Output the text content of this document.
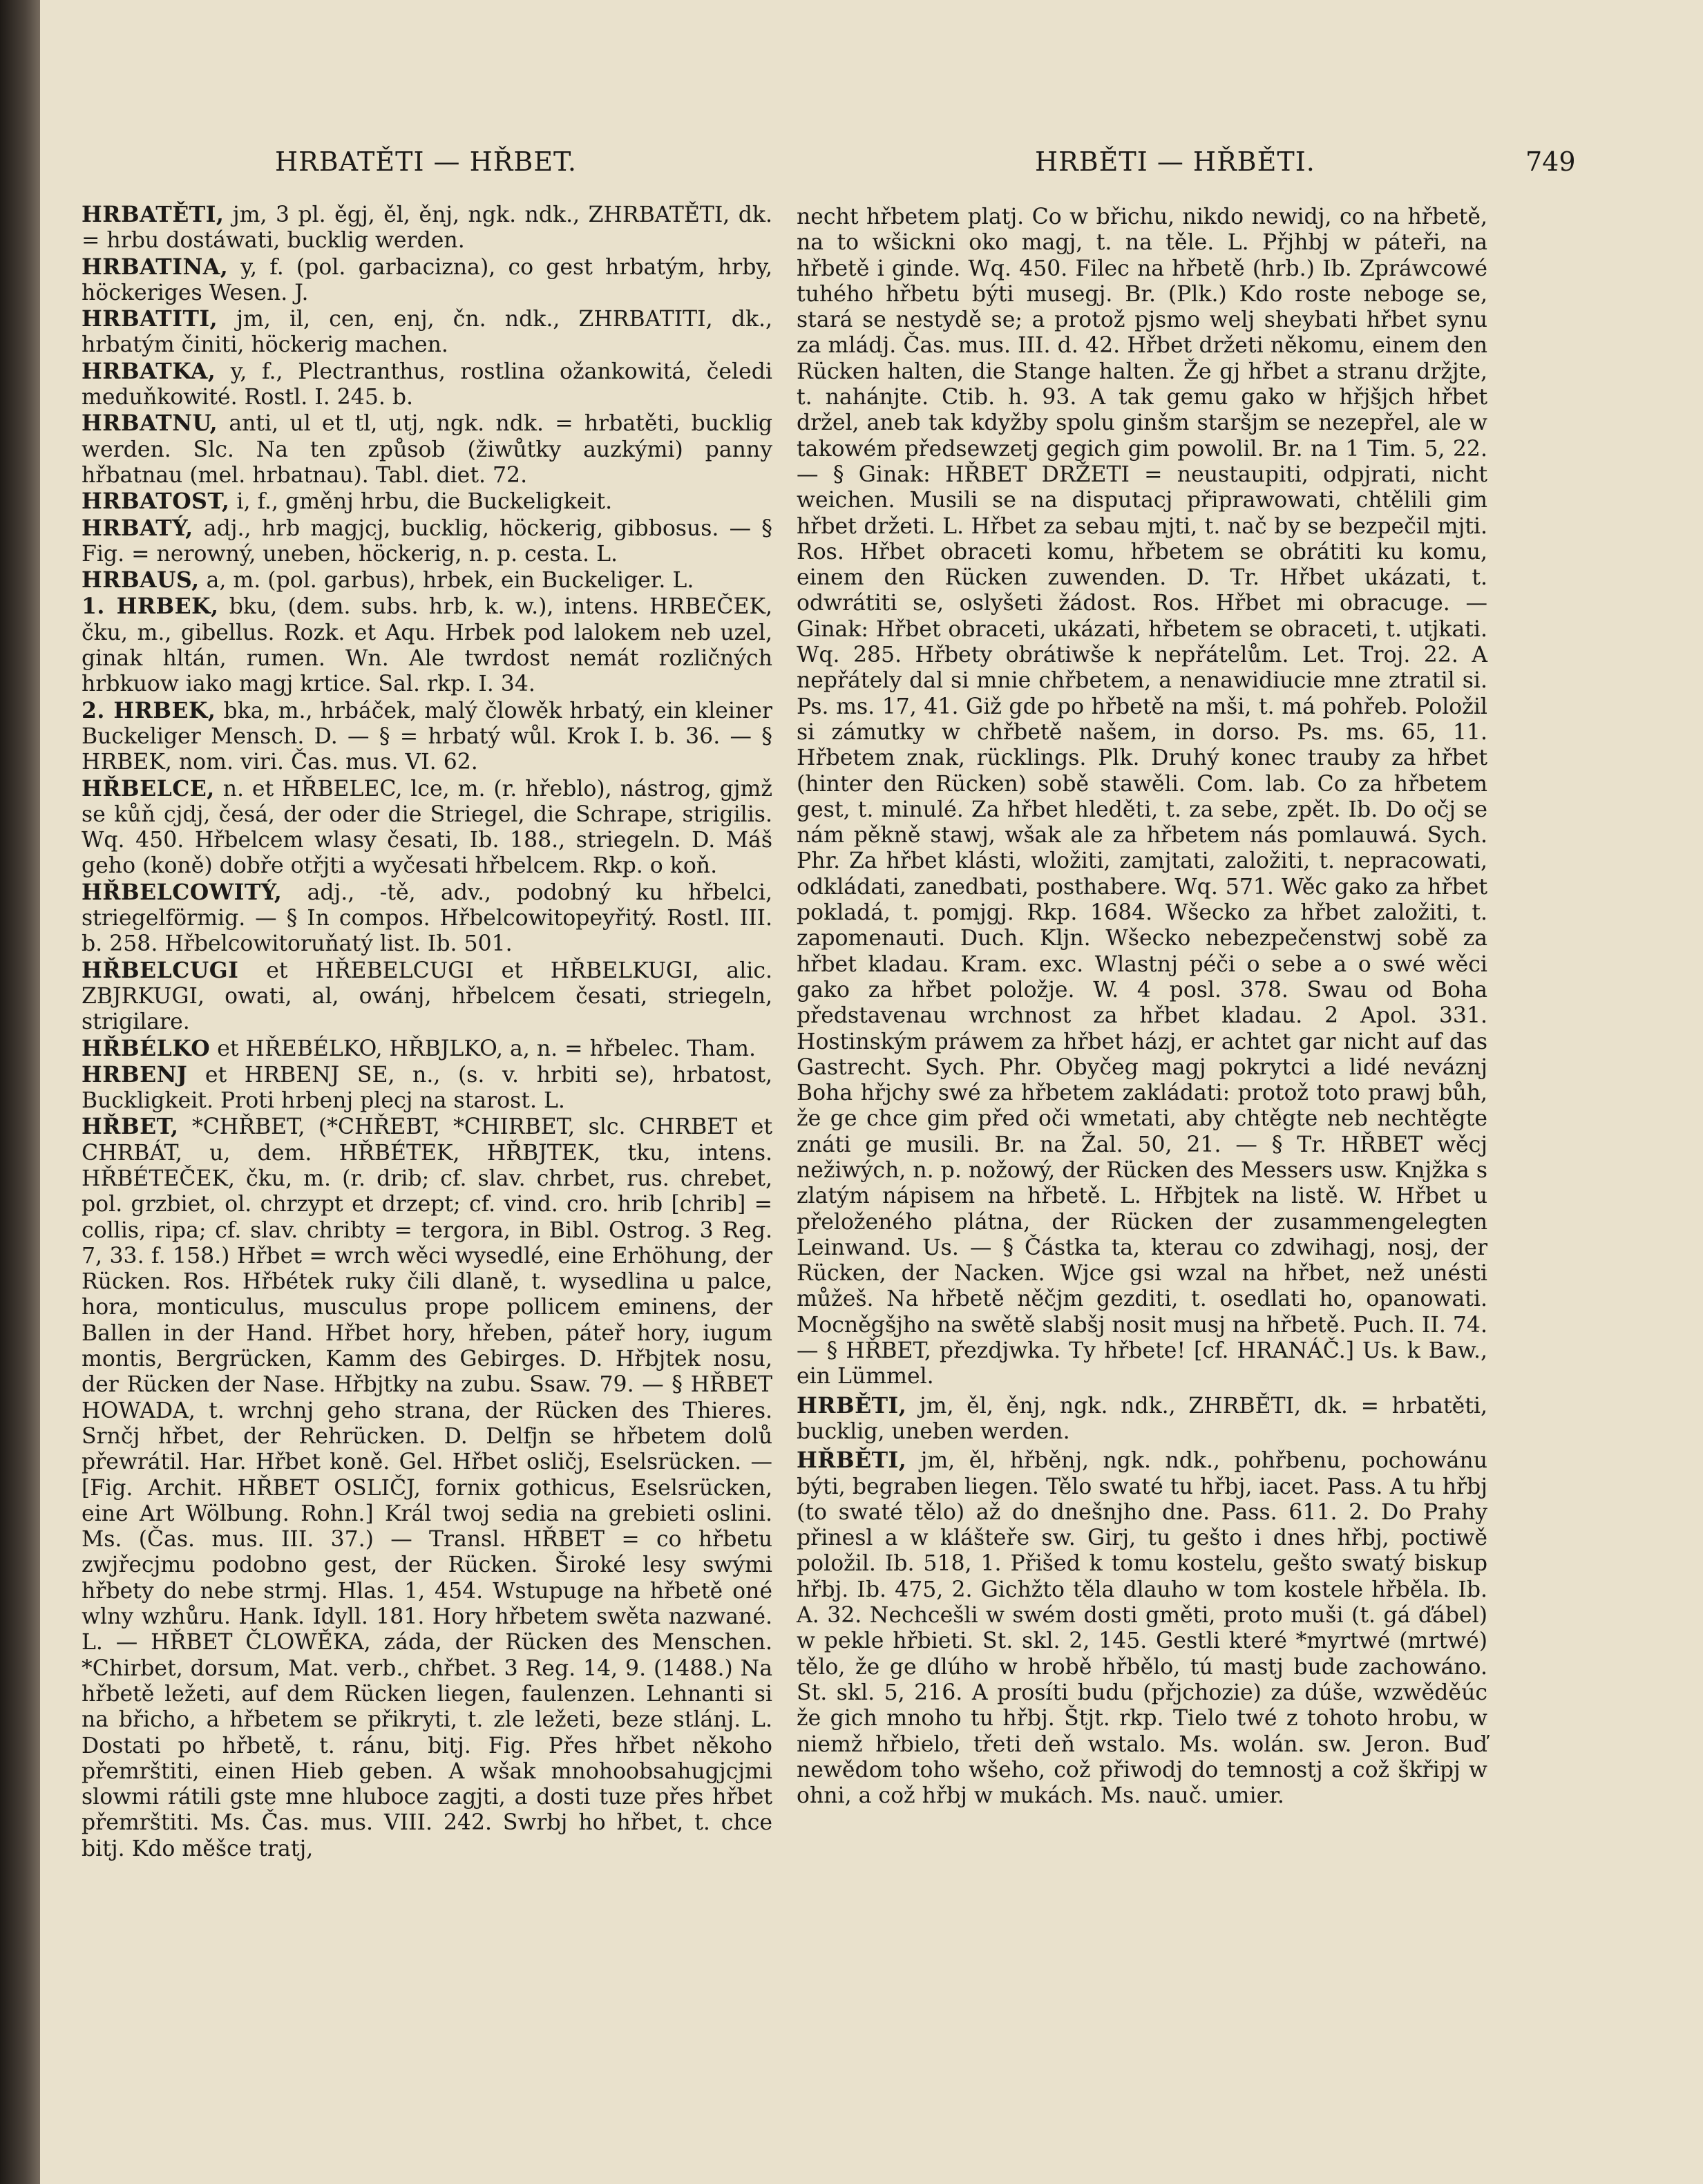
HRBATĚTI — HŘBET.	HRBĚTI — HŘBĚTI.	749

HRBATĚTI, jm, 3 pl. ěgj, ěl, ěnj, ngk. ndk., ZHRBATĚTI, dk. = hrbu dostáwati, bucklig werden.

HRBATINA, y, f. (pol. garbacizna), co gest hrbatým, hrby, höckeriges Wesen. J.

HRBATITI, jm, il, cen, enj, čn. ndk., ZHRBATITI, dk., hrbatým činiti, höckerig machen.

HRBATKA, y, f., Plectranthus, rostlina ožankowitá, čeledi meduňkowité. Rostl. I. 245. b.

HRBATNU, anti, ul et tl, utj, ngk. ndk. = hrbatěti, bucklig werden. Slc. Na ten způsob (žiwůtky auzkými) panny hřbatnau (mel. hrbatnau). Tabl. diet. 72.

HRBATOST, i, f., gměnj hrbu, die Buckeligkeit.

HRBATÝ, adj., hrb magjcj, bucklig, höckerig, gibbosus. — § Fig. = nerowný, uneben, höckerig, n. p. cesta. L.

HRBAUS, a, m. (pol. garbus), hrbek, ein Buckeliger. L.

1. HRBEK, bku, (dem. subs. hrb, k. w.), intens. HRBEČEK, čku, m., gibellus. Rozk. et Aqu. Hrbek pod lalokem neb uzel, ginak hltán, rumen. Wn. Ale twrdost nemát rozličných hrbkuow iako magj krtice. Sal. rkp. I. 34.

2. HRBEK, bka, m., hrbáček, malý člowěk hrbatý, ein kleiner Buckeliger Mensch. D. — § = hrbatý wůl. Krok I. b. 36. — § HRBEK, nom. viri. Čas. mus. VI. 62.

HŘBELCE, n. et HŘBELEC, lce, m. (r. hřeblo), nástrog, gjmž se kůň cjdj, česá, der oder die Striegel, die Schrape, strigilis. Wq. 450. Hřbelcem wlasy česati, Ib. 188., striegeln. D. Máš geho (koně) dobře otřjti a wyčesati hřbelcem. Rkp. o koň.

HŘBELCOWITÝ, adj., -tě, adv., podobný ku hřbelci, striegelförmig. — § In compos. Hřbelcowitopeyřitý. Rostl. III. b. 258. Hřbelcowitoruňatý list. Ib. 501.

HŘBELCUGI et HŘEBELCUGI et HŘBELKUGI, alic. ZBJRKUGI, owati, al, owánj, hřbelcem česati, striegeln, strigilare.

HŘBÉLKO et HŘEBÉLKO, HŘBJLKO, a, n. = hřbelec. Tham.

HRBENJ et HRBENJ SE, n., (s. v. hrbiti se), hrbatost, Buckligkeit. Proti hrbenj plecj na starost. L.

HŘBET, *CHŘBET, (*CHŘEBT, *CHIRBET, slc. CHRBET et CHRBÁT, u, dem. HŘBÉTEK, HŘBJTEK, tku, intens. HŘBÉTEČEK, čku, m. (r. drib; cf. slav. chrbet, rus. chrebet, pol. grzbiet, ol. chrzypt et drzept; cf. vind. cro. hrib [chrib] = collis, ripa; cf. slav. chribty = tergora, in Bibl. Ostrog. 3 Reg. 7, 33. f. 158.) Hřbet = wrch wěci wysedlé, eine Erhöhung, der Rücken. Ros. Hřbétek ruky čili dlaně, t. wysedlina u palce, hora, monticulus, musculus prope pollicem eminens, der Ballen in der Hand. Hřbet hory, hřeben, páteř hory, iugum montis, Bergrücken, Kamm des Gebirges. D. Hřbjtek nosu, der Rücken der Nase. Hřbjtky na zubu. Ssaw. 79. — § HŘBET HOWADA, t. wrchnj geho strana, der Rücken des Thieres. Srnčj hřbet, der Rehrücken. D. Delfjn se hřbetem dolů přewrátil. Har. Hřbet koně. Gel. Hřbet osličj, Eselsrücken. — [Fig. Archit. HŘBET OSLIČJ, fornix gothicus, Eselsrücken, eine Art Wölbung. Rohn.] Král twoj sedia na grebieti oslini. Ms. (Čas. mus. III. 37.) — Transl. HŘBET = co hřbetu zwjřecjmu podobno gest, der Rücken. Široké lesy swými hřbety do nebe strmj. Hlas. 1, 454. Wstupuge na hřbetě oné wlny wzhůru. Hank. Idyll. 181. Hory hřbetem swěta nazwané. L. — HŘBET ČLOWĚKA, záda, der Rücken des Menschen. *Chirbet, dorsum, Mat. verb., chřbet. 3 Reg. 14, 9. (1488.) Na hřbetě ležeti, auf dem Rücken liegen, faulenzen. Lehnanti si na břicho, a hřbetem se přikryti, t. zle ležeti, beze stlánj. L. Dostati po hřbetě, t. ránu, bitj. Fig. Přes hřbet někoho přemrštiti, einen Hieb geben. A wšak mnohoobsahugjcjmi slowmi rátili gste mne hlubоce zagjti, a dosti tuze přes hřbet přemrštiti. Ms. Čas. mus. VIII. 242. Swrbj ho hřbet, t. chce bitj. Kdo měšce tratj,

necht hřbetem platj. Co w břichu, nikdo newidj, co na hřbetě, na to wšickni oko magj, t. na těle. L. Přjhbj w páteři, na hřbetě i ginde. Wq. 450. Filec na hřbetě (hrb.) Ib. Zpráwcowé tuhého hřbetu býti musegj. Br. (Plk.) Kdo roste neboge se, stará se nestydě se; a protož pjsmo welj sheybati hřbet synu za mládj. Čas. mus. III. d. 42. Hřbet držeti někomu, einem den Rücken halten, die Stange halten. Že gj hřbet a stranu držjte, t. nahánjte. Ctib. h. 93. A tak gemu gako w hřjšjch hřbet držel, aneb tak kdyžby spolu ginšm staršjm se nezepřel, ale w takowém předsewzetj gegich gim powolil. Br. na 1 Tim. 5, 22. — § Ginak: HŘBET DRŽETI = neustaupiti, odpjrati, nicht weichen. Musili se na disputacj připrawowati, chtělili gim hřbet držeti. L. Hřbet za sebau mjti, t. nač by se bezpečil mjti. Ros. Hřbet obraceti komu, hřbetem se obrátiti ku komu, einem den Rücken zuwenden. D. Tr. Hřbet ukázati, t. odwrátiti se, oslyšeti žádost. Ros. Hřbet mi obracuge. — Ginak: Hřbet obraceti, ukázati, hřbetem se obraceti, t. utjkati. Wq. 285. Hřbety obrátiwše k nepřátelům. Let. Troj. 22. A nepřátely dal si mnie chřbetem, a nenawidiucie mne ztratil si. Ps. ms. 17, 41. Giž gde po hřbetě na mši, t. má pohřeb. Položil si zámutky w chřbetě našem, in dorso. Ps. ms. 65, 11. Hřbetem znak, rücklings. Plk. Druhý konec trauby za hřbet (hinter den Rücken) sobě stawěli. Com. lab. Co za hřbetem gest, t. minulé. Za hřbet hleděti, t. za sebe, zpět. Ib. Do očj se nám pěkně stawj, wšak ale za hřbetem nás pomlauwá. Sych. Phr. Za hřbet klásti, wložiti, zamjtati, založiti, t. nepracowati, odkládati, zanedbati, posthabere. Wq. 571. Wěc gako za hřbet pokladá, t. pomjgj. Rkp. 1684. Wšecko za hřbet založiti, t. zapomenauti. Duch. Kljn. Wšecko nebezpečenstwj sobě za hřbet kladau. Kram. exc. Wlastnj péči o sebe a o swé wěci gako za hřbet položje. W. 4 posl. 378. Swau od Boha představenau wrchnost za hřbet kladau. 2 Apol. 331. Hostinským práwem za hřbet házj, er achtet gar nicht auf das Gastrecht. Sych. Phr. Obyčeg magj pokrytci a lidé neváznj Boha hřjchy swé za hřbetem zakládati: protož toto prawj bůh, že ge chce gim před oči wmetati, aby chtěgte neb nechtěgte znáti ge musili. Br. na Žal. 50, 21. — § Tr. HŘBET wěcj nežiwých, n. p. nožowý, der Rücken des Messers usw. Knjžka s zlatým nápisem na hřbetě. L. Hřbjtek na listě. W. Hřbet u přeloženého plátna, der Rücken der zusammengelegten Leinwand. Us. — § Částka ta, kterau co zdwihagj, nosj, der Rücken, der Nacken. Wjce gsi wzal na hřbet, než unésti můžeš. Na hřbetě něčjm gezditi, t. osedlati ho, opanowati. Mocněgšjho na swětě slabšj nosit musj na hřbetě. Puch. II. 74. — § HŘBET, přezdjwka. Ty hřbete! [cf. HRANÁČ.] Us. k Baw., ein Lümmel.

HRBĚTI, jm, ěl, ěnj, ngk. ndk., ZHRBĚTI, dk. = hrbatěti, bucklig, uneben werden.

HŘBĚTI, jm, ěl, hřběnj, ngk. ndk., pohřbenu, pochowánu býti, begraben liegen. Tělo swaté tu hřbj, iacet. Pass. A tu hřbj (to swaté tělo) až do dnešnjho dne. Pass. 611. 2. Do Prahy přinesl a w klášteře sw. Girj, tu gešto i dnes hřbj, poctiwě položil. Ib. 518, 1. Přišed k tomu kostelu, gešto swatý biskup hřbj. Ib. 475, 2. Gichžto těla dlauho w tom kostele hřběla. Ib. A. 32. Nechcešli w swém dosti gměti, proto muši (t. gá ďábel) w pekle hřbieti. St. skl. 2, 145. Gestli které *myrtwé (mrtwé) tělo, že ge dlúho w hrobě hřbělo, tú mastj bude zachowáno. St. skl. 5, 216. A prosíti budu (přjchozie) za dúše, wzwěděúc že gich mnoho tu hřbj. Štjt. rkp. Tielo twé z tohoto hrobu, w niemž hřbielo, třeti deň wstalo. Ms. wolán. sw. Jeron. Buď newědom toho wšeho, což přiwodj do temnostj a což škřipj w ohni, a což hřbj w mukách. Ms. nauč. umier.
